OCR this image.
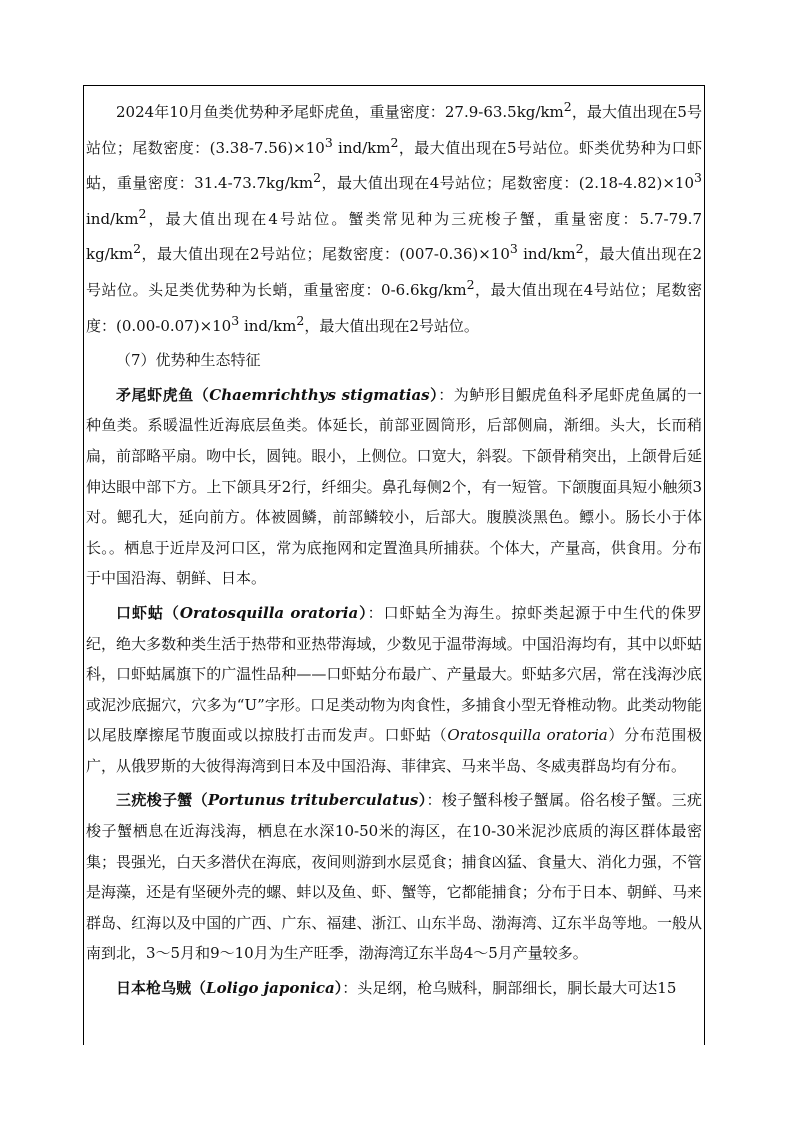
2024年10月鱼类优势种矛尾虾虎鱼，重量密度：$27.9-63.5kg/km^2$，最大值出现在5号站位；尾数密度：$(3.38-7.56)\times 10^3$ ind/$km^2$，最大值出现在5号站位。虾类优势种为口虾蛄，重量密度：$31.4-73.7kg/km^2$，最大值出现在4号站位；尾数密度：$(2.18-4.82)\times 10^3$ ind/$km^2$，最大值出现在4号站位。蟹类常见种为三疣梭子蟹，重量密度：5.7-79.7 $kg/km^2$，最大值出现在2号站位；尾数密度：$(007-0.36)\times 10^3$ ind/$km^2$，最大值出现在2号站位。头足类优势种为长蛸，重量密度：$0-6.6kg/km^2$，最大值出现在4号站位；尾数密度：$(0.00-0.07)\times 10^3$ ind/$km^2$，最大值出现在2号站位。

（7）优势种生态特征

矛尾虾虎鱼（Chaemrichthys stigmatias）：为鲈形目鰕虎鱼科矛尾虾虎鱼属的一种鱼类。系暖温性近海底层鱼类。体延长，前部亚圆筒形，后部侧扁，渐细。头大，长而稍扁，前部略平扇。吻中长，圆钝。眼小，上侧位。口宽大，斜裂。下颌骨稍突出，上颌骨后延伸达眼中部下方。上下颌具牙2行，纤细尖。鼻孔每侧2个，有一短管。下颌腹面具短小触须3对。鳃孔大，延向前方。体被圆鳞，前部鳞较小，后部大。腹膜淡黑色。鳔小。肠长小于体长。。栖息于近岸及河口区，常为底拖网和定置渔具所捕获。个体大，产量高，供食用。分布于中国沿海、朝鲜、日本。

口虾蛄（Oratosquilla oratoria）：口虾蛄全为海生。掠虾类起源于中生代的侏罗纪，绝大多数种类生活于热带和亚热带海域，少数见于温带海域。中国沿海均有，其中以虾蛄科，口虾蛄属旗下的广温性品种——口虾蛄分布最广、产量最大。虾蛄多穴居，常在浅海沙底或泥沙底掘穴，穴多为“U”字形。口足类动物为肉食性，多捕食小型无脊椎动物。此类动物能以尾肢摩擦尾节腹面或以掠肢打击而发声。口虾蛄（Oratosquilla oratoria）分布范围极广，从俄罗斯的大彼得海湾到日本及中国沿海、菲律宾、马来半岛、冬威夷群岛均有分布。

三疣梭子蟹（Portunus trituberculatus）：梭子蟹科梭子蟹属。俗名梭子蟹。三疣梭子蟹栖息在近海浅海，栖息在水深10-50米的海区，在10-30米泥沙底质的海区群体最密集；畏强光，白天多潜伏在海底，夜间则游到水层觅食；捕食凶猛、食量大、消化力强，不管是海藻，还是有坚硬外壳的螺、蚌以及鱼、虾、蟹等，它都能捕食；分布于日本、朝鲜、马来群岛、红海以及中国的广西、广东、福建、浙江、山东半岛、渤海湾、辽东半岛等地。一般从南到北，3～5月和9～10月为生产旺季，渤海湾辽东半岛4～5月产量较多。

日本枪乌贼（Loligo japonica）：头足纲，枪乌贼科，胴部细长，胴长最大可达15
